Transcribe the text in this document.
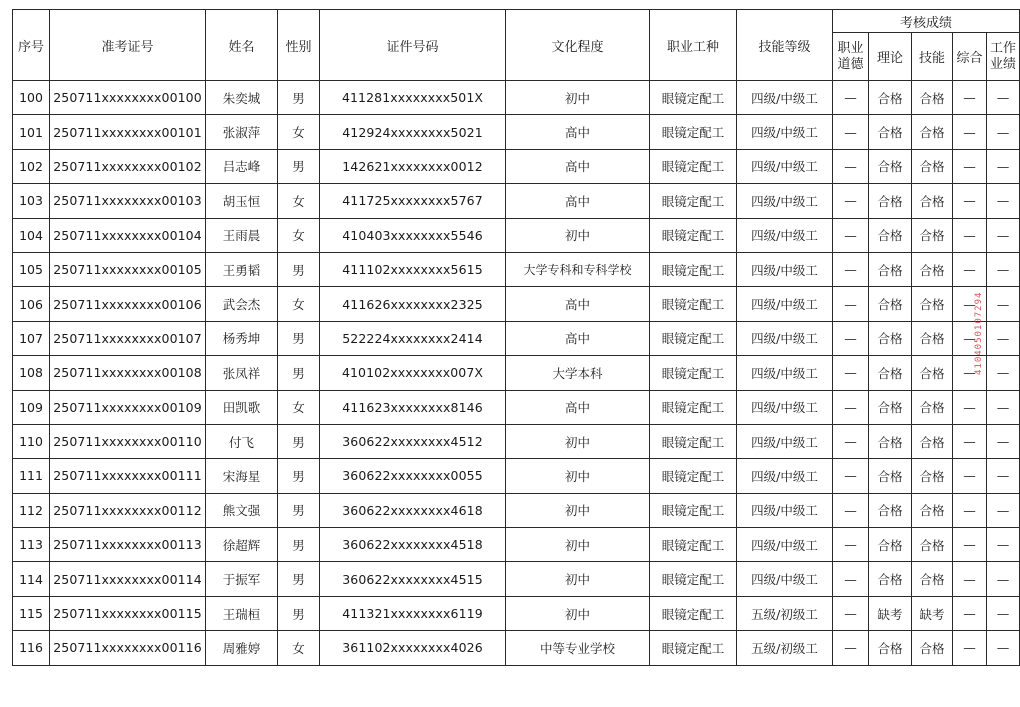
序号	准考证号	姓名	性别	证件号码	文化程度	职业工种	技能等级	考核成绩				
								职业道德	理论	技能	综合	工作业绩
100	250711xxxxxxxx00100	朱奕城	男	411281xxxxxxxx501X	初中	眼镜定配工	四级/中级工	—	合格	合格	—	—
101	250711xxxxxxxx00101	张淑萍	女	412924xxxxxxxx5021	高中	眼镜定配工	四级/中级工	—	合格	合格	—	—
102	250711xxxxxxxx00102	吕志峰	男	142621xxxxxxxx0012	高中	眼镜定配工	四级/中级工	—	合格	合格	—	—
103	250711xxxxxxxx00103	胡玉恒	女	411725xxxxxxxx5767	高中	眼镜定配工	四级/中级工	—	合格	合格	—	—
104	250711xxxxxxxx00104	王雨晨	女	410403xxxxxxxx5546	初中	眼镜定配工	四级/中级工	—	合格	合格	—	—
105	250711xxxxxxxx00105	王勇韬	男	411102xxxxxxxx5615	大学专科和专科学校	眼镜定配工	四级/中级工	—	合格	合格	—	—
106	250711xxxxxxxx00106	武会杰	女	411626xxxxxxxx2325	高中	眼镜定配工	四级/中级工	—	合格	合格	—	—
107	250711xxxxxxxx00107	杨秀坤	男	522224xxxxxxxx2414	高中	眼镜定配工	四级/中级工	—	合格	合格	—	—
108	250711xxxxxxxx00108	张凤祥	男	410102xxxxxxxx007X	大学本科	眼镜定配工	四级/中级工	—	合格	合格	—	—
109	250711xxxxxxxx00109	田凯歌	女	411623xxxxxxxx8146	高中	眼镜定配工	四级/中级工	—	合格	合格	—	—
110	250711xxxxxxxx00110	付飞	男	360622xxxxxxxx4512	初中	眼镜定配工	四级/中级工	—	合格	合格	—	—
111	250711xxxxxxxx00111	宋海星	男	360622xxxxxxxx0055	初中	眼镜定配工	四级/中级工	—	合格	合格	—	—
112	250711xxxxxxxx00112	熊文强	男	360622xxxxxxxx4618	初中	眼镜定配工	四级/中级工	—	合格	合格	—	—
113	250711xxxxxxxx00113	徐超辉	男	360622xxxxxxxx4518	初中	眼镜定配工	四级/中级工	—	合格	合格	—	—
114	250711xxxxxxxx00114	于振军	男	360622xxxxxxxx4515	初中	眼镜定配工	四级/中级工	—	合格	合格	—	—
115	250711xxxxxxxx00115	王瑞桓	男	411321xxxxxxxx6119	初中	眼镜定配工	五级/初级工	—	缺考	缺考	—	—
116	250711xxxxxxxx00116	周雅婷	女	361102xxxxxxxx4026	中等专业学校	眼镜定配工	五级/初级工	—	合格	合格	—	—
4104050107294
